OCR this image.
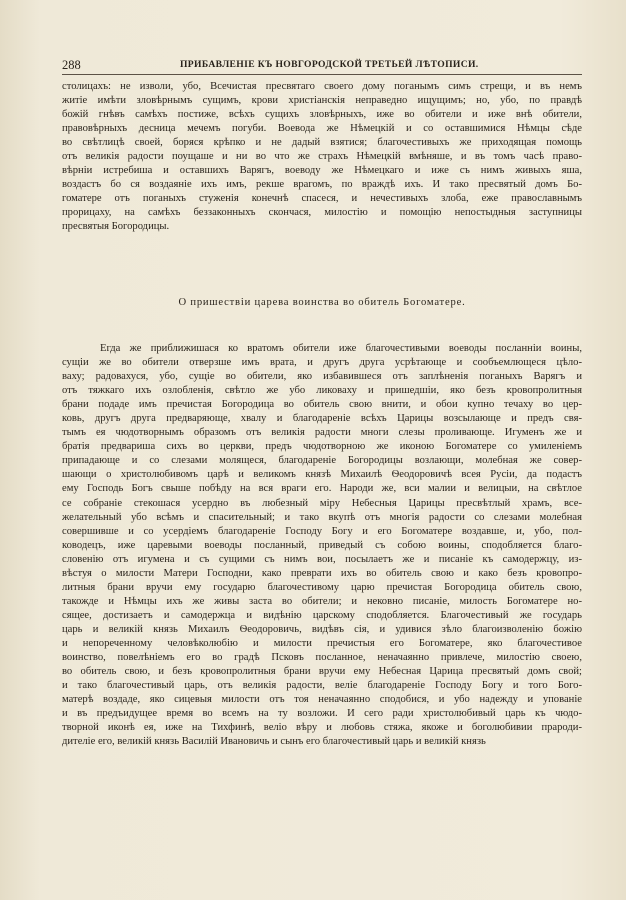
288	ПРИБАВЛЕНІЕ КЪ НОВГОРОДСКОЙ ТРЕТЬЕЙ ЛѢТОПИСИ.
столицахъ: не изволи, убо, Всечистая пресвятаго своего дому поганымъ симъ стрещи, и въ немъ
житіе имѣти зловѣрнымъ сущимъ, крови христіанскія неправедно ищущимъ; но, убо, по правдѣ
божій гнѣвъ самѣхъ постиже, всѣхъ сущихъ зловѣрныхъ, иже во обители и иже внѣ обители,
правовѣрныхъ десница мечемъ погуби. Воевода же Нѣмецкій и со оставшимися Нѣмцы сѣде
во свѣтлицѣ своей, боряся крѣпко и не дадый взятися; благочестивыхъ же приходящая помощь
отъ великія радости поущаше и ни во что же страхъ Нѣмецкій вмѣняше, и въ томъ часѣ право-
вѣрніи истребиша и оставшихъ Варягъ, воеводу же Нѣмецкаго и иже съ нимъ живыхъ яша,
воздастъ бо ся воздаяніе ихъ имъ, рекше врагомъ, по враждѣ ихъ. И тако пресвятый домъ Бо-
гоматере отъ поганыхъ стуженія конечнѣ спасеся, и нечестивыхъ злоба, еже православнымъ
прорицаху, на самѣхъ беззаконныхъ скончася, милостію и помощію непостыдныя заступницы
пресвятыя Богородицы.
О пришествіи царева воинства во обитель Богоматере.
Егда же приближишася ко вратомъ обители иже благочестивыми воеводы посланніи воины,
сущіи же во обители отверзше имъ врата, и другъ друга усрѣтающе и сообъемлющеся цѣло-
ваху; радовахуся, убо, сущіе во обители, яко избавившеся отъ заплѣненія поганыхъ Варягъ и
отъ тяжкаго ихъ озлобленія, свѣтло же убо ликоваху и пришедшіи, яко безъ кровопролитныя
брани подаде имъ пречистая Богородица во обитель свою внити, и обои купно течаху во цер-
ковь, другъ друга предваряюще, хвалу и благодареніе всѣхъ Царицы возсылающе и предъ свя-
тымъ ея чюдотворнымъ образомъ отъ великія радости многи слезы проливающе. Игуменъ же и
братія предвариша сихъ во церкви, предъ чюдотворною же иконою Богоматере со умиленіемъ
припадающе и со слезами молящеся, благодареніе Богородицы возлающи, молебная же совер-
шающи о христолюбивомъ царѣ и великомъ князѣ Михаилѣ Ѳеодоровичѣ всея Русіи, да подастъ
ему Господь Богъ свыше побѣду на вся враги его. Народи же, вси малии и велицыи, на свѣтлое
се собраніе стекошася усердно въ любезный міру Небесныя Царицы пресвѣтлый храмъ, все-
желательный убо всѣмъ и спасительный; и тако вкупѣ отъ многія радости со слезами молебная
совершивше и со усердіемъ благодареніе Господу Богу и его Богоматере воздавше, и, убо, пол-
ководецъ, иже царевыми воеводы посланный, приведый съ собою воины, сподобляется благо-
словенію отъ игумена и съ сущими съ нимъ вои, посылаетъ же и писаніе къ самодержцу, из-
вѣстуя о милости Матери Господни, како преврати ихъ во обитель свою и како безъ кровопро-
литныя брани вручи ему государю благочестивому царю пречистая Богородица обитель свою,
такожде и Нѣмцы ихъ же живы заста во обители; и нековно писаніе, милость Богоматере но-
сящее, достизаетъ и самодержца и видѣнію царскому сподобляется. Благочестивый же государь
царь и великій князь Михаилъ Ѳеодоровичь, видѣвъ сія, и удивися зѣло благоизволенію божію
и непореченному человѣколюбію и милости пречистыя его Богоматере, яко благочестивое
воинство, повелѣніемъ его во градѣ Псковъ посланное, неначаянно привлече, милостію своею,
во обитель свою, и безъ кровопролитныя брани вручи ему Небесная Царица пресвятый домъ свой;
и тако благочестивый царь, отъ великія радости, веліе благодареніе Господу Богу и того Бого-
матерѣ воздаде, яко сицевыя милости отъ тоя неначаянно сподобися, и убо надежду и упованіе
и въ предъидущее время во всемъ на ту возложи. И сего ради христолюбивый царь къ чюдо-
творной иконѣ ея, иже на Тихфинѣ, веліо вѣру и любовь стяжа, якоже и боголюбивии прароди-
дителіе его, великій князь Василій Ивановичь и сынъ его благочестивый царь и великій князь
